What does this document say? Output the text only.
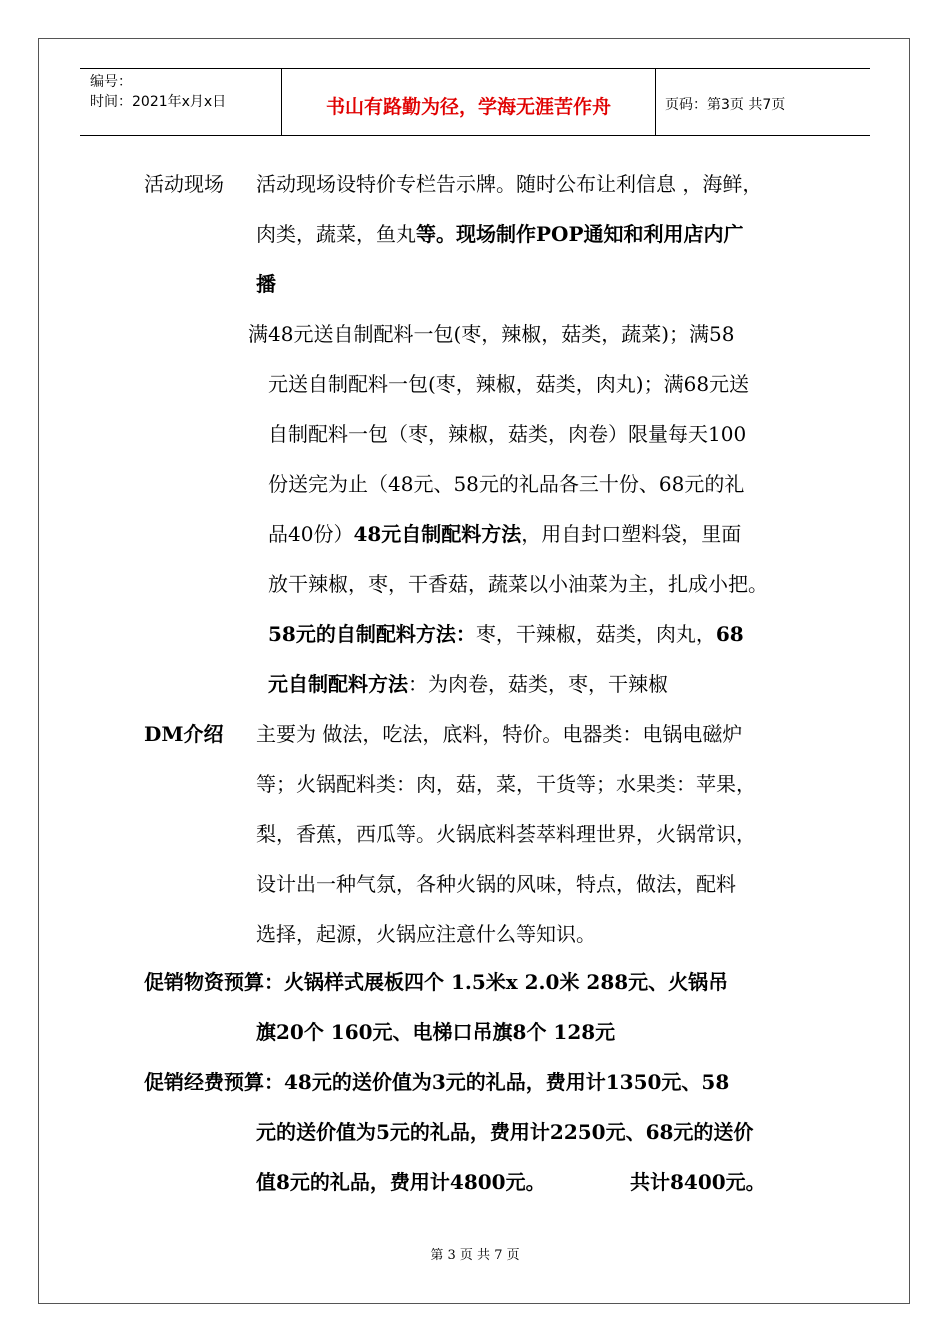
编号：
时间：2021年x月x日	书山有路勤为径，学海无涯苦作舟	页码：第3页 共7页
活动现场 活动现场设特价专栏告示牌。随时公布让利信息 ，海鲜，
肉类，蔬菜，鱼丸等。现场制作POP通知和利用店内广
播
满48元送自制配料一包(枣，辣椒，菇类，蔬菜)；满58
元送自制配料一包(枣，辣椒，菇类，肉丸)；满68元送
自制配料一包（枣，辣椒，菇类，肉卷）限量每天100
份送完为止（48元、58元的礼品各三十份、68元的礼
品40份）48元自制配料方法，用自封口塑料袋，里面
放干辣椒，枣，干香菇，蔬菜以小油菜为主，扎成小把。
58元的自制配料方法：枣，干辣椒，菇类，肉丸，68
元自制配料方法：为肉卷，菇类，枣，干辣椒
DM介绍 主要为 做法，吃法，底料，特价。电器类：电锅电磁炉
等；火锅配料类：肉，菇，菜，干货等；水果类：苹果，
梨，香蕉，西瓜等。火锅底料荟萃料理世界，火锅常识，
设计出一种气氛，各种火锅的风味，特点，做法，配料
选择，起源，火锅应注意什么等知识。
促销物资预算：火锅样式展板四个 1.5米x 2.0米 288元、火锅吊
旗20个 160元、电梯口吊旗8个 128元
促销经费预算：48元的送价值为3元的礼品，费用计1350元、58
元的送价值为5元的礼品，费用计2250元、68元的送价
值8元的礼品，费用计4800元。	共计8400元。
第 3 页 共 7 页
